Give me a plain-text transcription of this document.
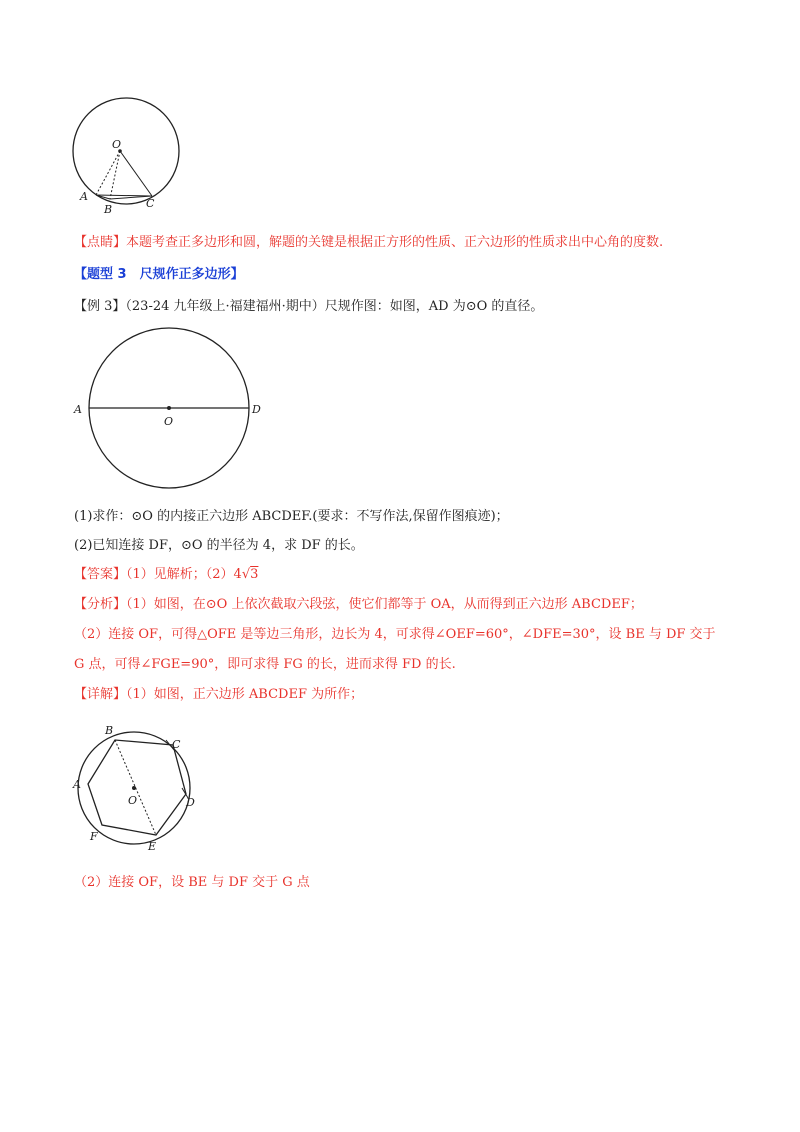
O
A
B	C
【点睛】本题考查正多边形和圆，解题的关键是根据正方形的性质、正六边形的性质求出中心角的度数.
【题型 3　尺规作正多边形】
【例 3】（23-24 九年级上·福建福州·期中）尺规作图：如图，AD 为⊙O 的直径。
A	D
O
(1)求作：⊙O 的内接正六边形 ABCDEF.(要求：不写作法,保留作图痕迹)；
(2)已知连接 DF，⊙O 的半径为 4，求 DF 的长。
【答案】（1）见解析；（2）4√3
【分析】（1）如图，在⊙O 上依次截取六段弦，使它们都等于 OA，从而得到正六边形 ABCDEF；
（2）连接 OF，可得△OFE 是等边三角形，边长为 4，可求得∠OEF=60°，∠DFE=30°，设 BE 与 DF 交于
G 点，可得∠FGE=90°，即可求得 FG 的长，进而求得 FD 的长.
【详解】（1）如图，正六边形 ABCDEF 为所作；
A
B
C
D
E
F
O
（2）连接 OF，设 BE 与 DF 交于 G 点
